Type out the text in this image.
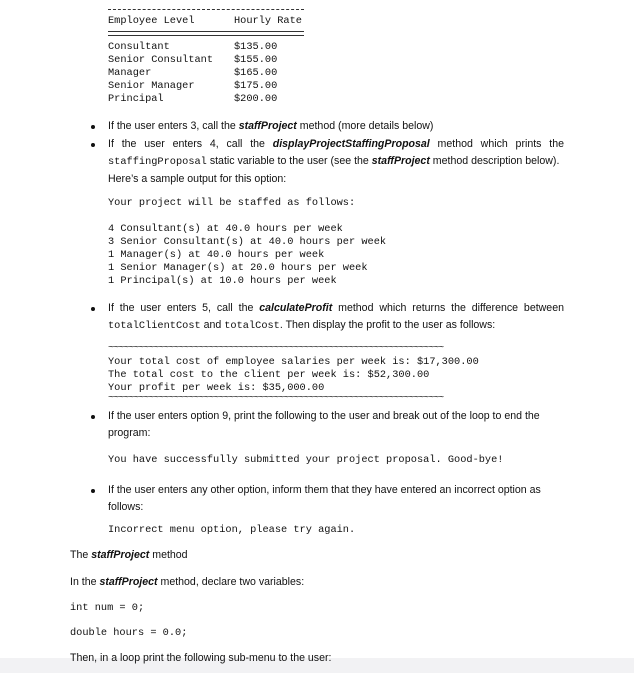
Employee Level	Hourly Rate
Consultant	$135.00
Senior Consultant $155.00
Manager	$165.00
Senior Manager	$175.00
Principal	$200.00
If the user enters 3, call the staffProject method (more details below)
If the user enters 4, call the displayProjectStaffingProposal method which prints the
staffingProposal static variable to the user (see the staffProject method description below).
Here’s a sample output for this option:
Your project will be staffed as follows:
4 Consultant(s) at 40.0 hours per week
3 Senior Consultant(s) at 40.0 hours per week
1 Manager(s) at 40.0 hours per week
1 Senior Manager(s) at 20.0 hours per week
1 Principal(s) at 10.0 hours per week
If the user enters 5, call the calculateProfit method which returns the difference between
totalClientCost and totalCost. Then display the profit to the user as follows:
~~~~~~~~~~~~~~~~~~~~~~~~~~~~~~~~~~~~~~~~~~~~~~~~~~~~~~~~~~~~~~~~~~~
Your total cost of employee salaries per week is: $17,300.00
The total cost to the client per week is: $52,300.00
Your profit per week is: $35,000.00
~~~~~~~~~~~~~~~~~~~~~~~~~~~~~~~~~~~~~~~~~~~~~~~~~~~~~~~~~~~~~~~~~~~
If the user enters option 9, print the following to the user and break out of the loop to end the
program:
You have successfully submitted your project proposal. Good-bye!
If the user enters any other option, inform them that they have entered an incorrect option as
follows:
Incorrect menu option, please try again.
The staffProject method
In the staffProject method, declare two variables:
int num = 0;
double hours = 0.0;
Then, in a loop print the following sub-menu to the user:
